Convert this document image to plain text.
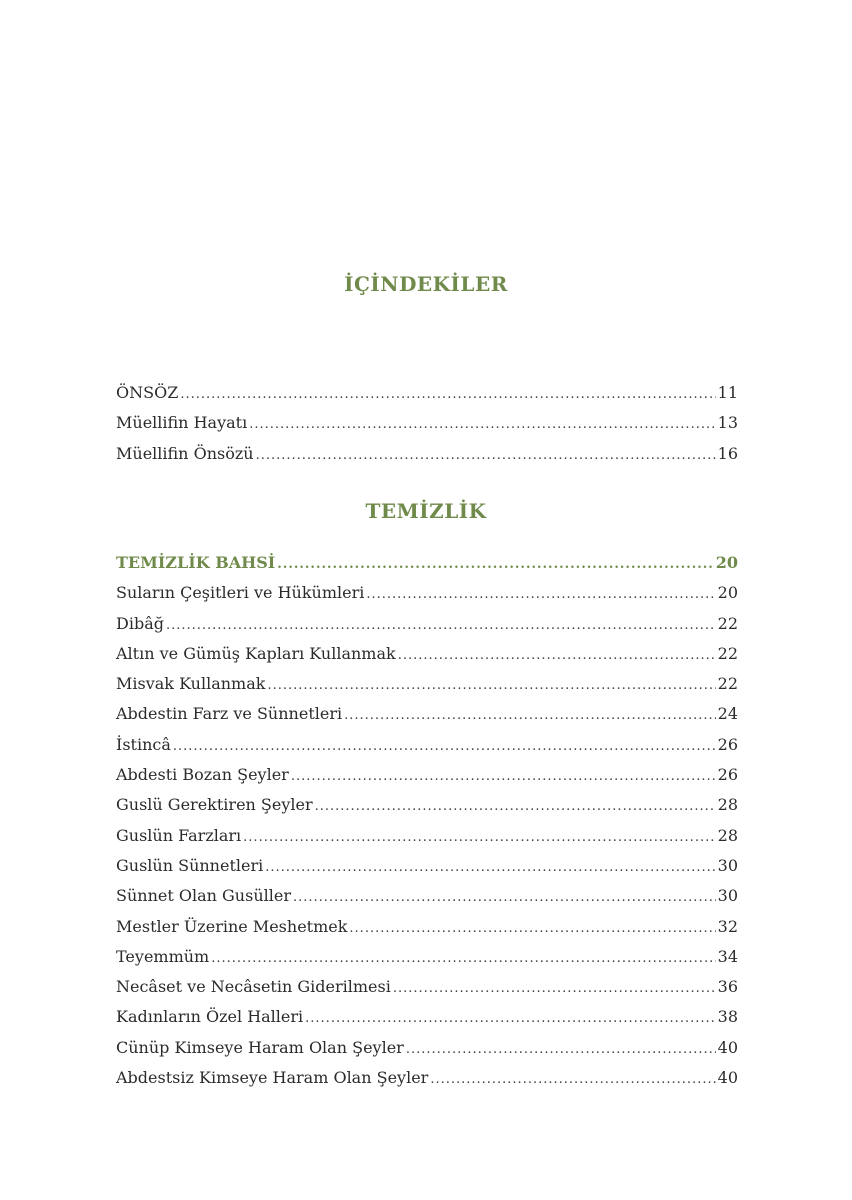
İÇİNDEKİLER
ÖNSÖZ .....	11
Müellifin Hayatı .....	13
Müellifin Önsözü .....	16
TEMİZLİK
TEMİZLİK BAHSİ .....	20
Suların Çeşitleri ve Hükümleri .....	20
Dibâğ .....	22
Altın ve Gümüş Kapları Kullanmak .....	22
Misvak Kullanmak .....	22
Abdestin Farz ve Sünnetleri .....	24
İstincâ .....	26
Abdesti Bozan Şeyler .....	26
Guslü Gerektiren Şeyler .....	28
Guslün Farzları .....	28
Guslün Sünnetleri .....	30
Sünnet Olan Gusüller .....	30
Mestler Üzerine Meshetmek .....	32
Teyemmüm .....	34
Necâset ve Necâsetin Giderilmesi .....	36
Kadınların Özel Halleri .....	38
Cünüp Kimseye Haram Olan Şeyler .....	40
Abdestsiz Kimseye Haram Olan Şeyler .....	40
